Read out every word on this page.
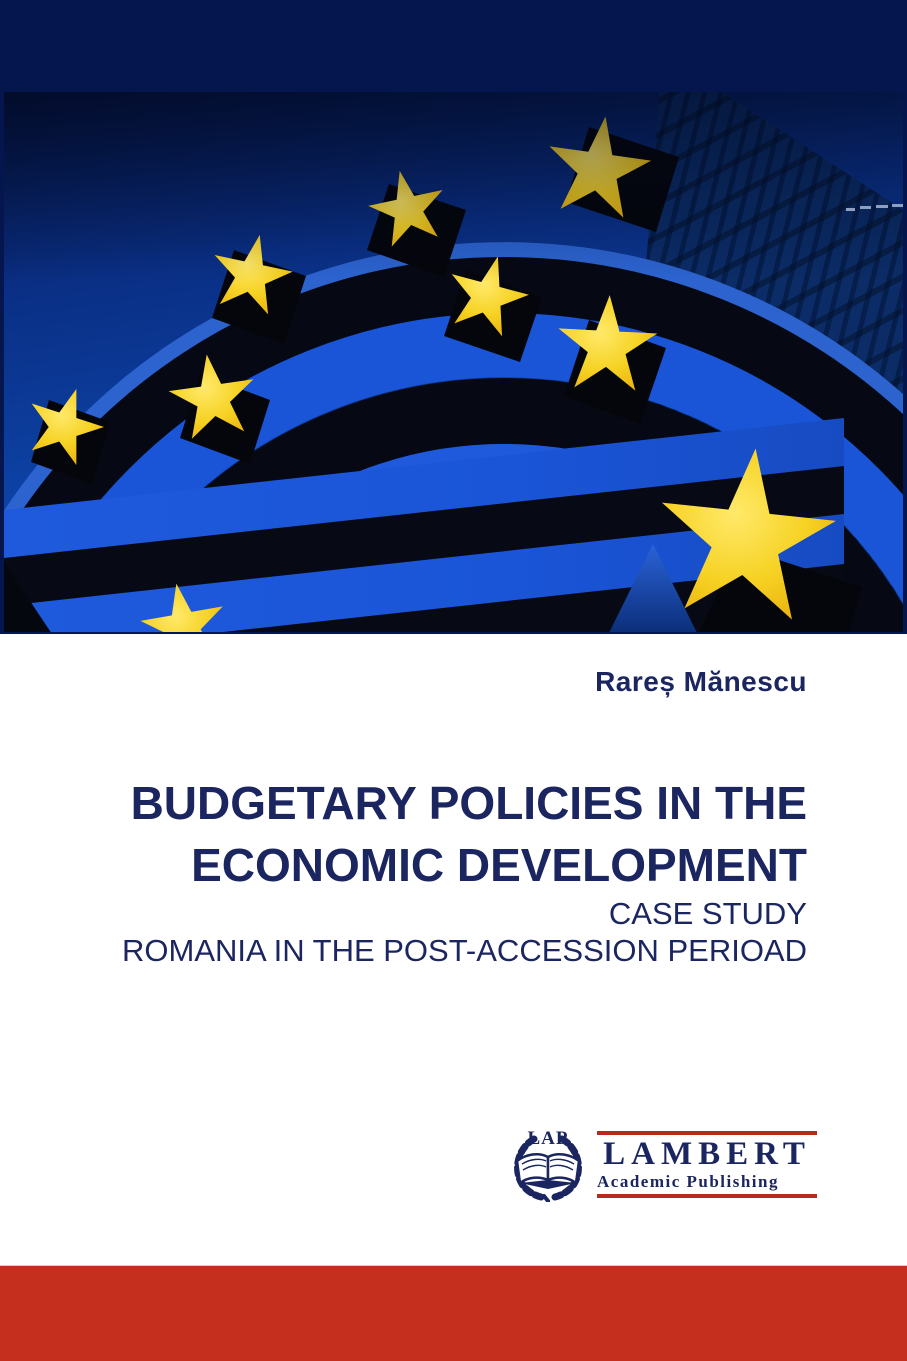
Rareș Mănescu
BUDGETARY POLICIES IN THE
ECONOMIC DEVELOPMENT

CASE STUDY
ROMANIA IN THE POST-ACCESSION PERIOAD

LAP LAMBERT
Academic Publishing
